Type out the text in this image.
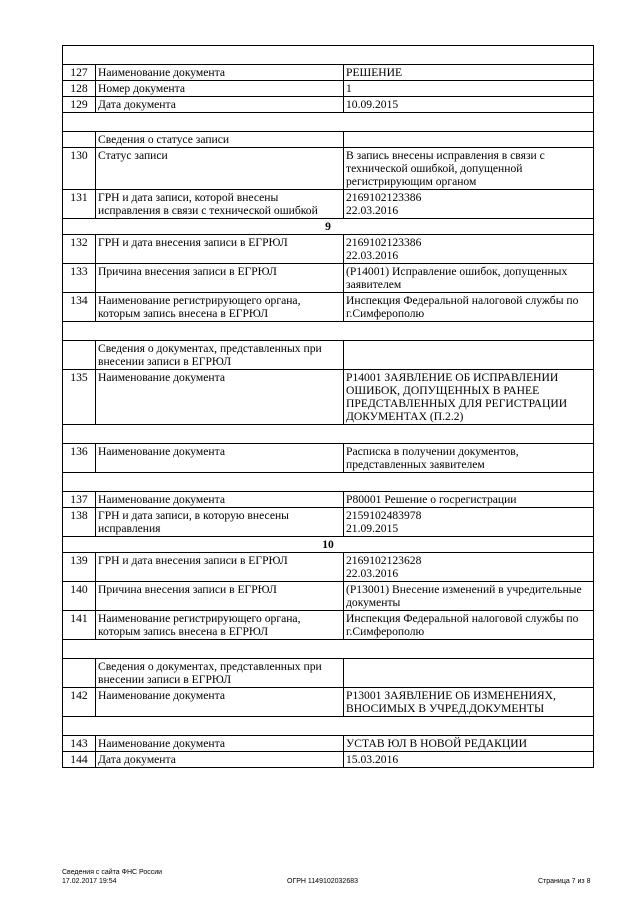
127	Наименование документа	РЕШЕНИЕ
128	Номер документа	1
129	Дата документа	10.09.2015

	Сведения о статусе записи	
130	Статус записи	В запись внесены исправления в связи с технической ошибкой, допущенной регистрирующим органом
131	ГРН и дата записи, которой внесены исправления в связи с технической ошибкой	2169102123386
22.03.2016
9		
132	ГРН и дата внесения записи в ЕГРЮЛ	2169102123386
22.03.2016
133	Причина внесения записи в ЕГРЮЛ	(Р14001) Исправление ошибок, допущенных заявителем
134	Наименование регистрирующего органа, которым запись внесена в ЕГРЮЛ	Инспекция Федеральной налоговой службы по г.Симферополю

	Сведения о документах, представленных при внесении записи в ЕГРЮЛ	
135	Наименование документа	Р14001 ЗАЯВЛЕНИЕ ОБ ИСПРАВЛЕНИИ ОШИБОК, ДОПУЩЕННЫХ В РАНЕЕ ПРЕДСТАВЛЕННЫХ ДЛЯ РЕГИСТРАЦИИ ДОКУМЕНТАХ (П.2.2)

136	Наименование документа	Расписка в получении документов, представленных заявителем

137	Наименование документа	Р80001 Решение о госрегистрации
138	ГРН и дата записи, в которую внесены исправления	2159102483978
21.09.2015
10		
139	ГРН и дата внесения записи в ЕГРЮЛ	2169102123628
22.03.2016
140	Причина внесения записи в ЕГРЮЛ	(Р13001) Внесение изменений в учредительные документы
141	Наименование регистрирующего органа, которым запись внесена в ЕГРЮЛ	Инспекция Федеральной налоговой службы по г.Симферополю

	Сведения о документах, представленных при внесении записи в ЕГРЮЛ	
142	Наименование документа	Р13001 ЗАЯВЛЕНИЕ ОБ ИЗМЕНЕНИЯХ, ВНОСИМЫХ В УЧРЕД.ДОКУМЕНТЫ

143	Наименование документа	УСТАВ ЮЛ В НОВОЙ РЕДАКЦИИ
144	Дата документа	15.03.2016
Сведения с сайта ФНС России
17.02.2017 19:54	ОГРН 1149102032683	Страница 7 из 8
